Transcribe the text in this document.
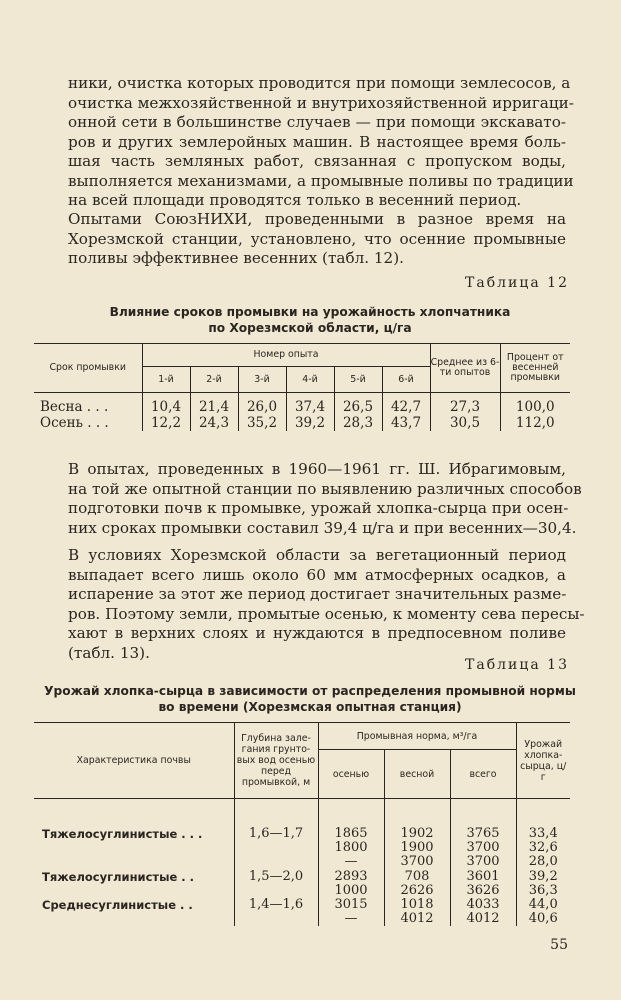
ники, очистка которых проводится при помощи землесосов, а
очистка межхозяйственной и внутрихозяйственной ирригаци-
онной сети в большинстве случаев — при помощи экскавато-
ров и других землеройных машин. В настоящее время боль-
шая часть земляных работ, связанная с пропуском воды,
выполняется механизмами, а промывные поливы по традиции
на всей площади проводятся только в весенний период.

Опытами СоюзНИХИ, проведенными в разное время на
Хорезмской станции, установлено, что осенние промывные
поливы эффективнее весенних (табл. 12).

Таблица 12

Влияние сроков промывки на урожайность хлопчатника
по Хорезмской области, ц/га

Срок промывки	Номер опыта						Среднее из 6-ти опытов	Процент от весенней промывки
	1-й	2-й	3-й	4-й	5-й	6-й		
Весна . . .	10,4	21,4	26,0	37,4	26,5	42,7	27,3	100,0
Осень . . .	12,2	24,3	35,2	39,2	28,3	43,7	30,5	112,0

В опытах, проведенных в 1960—1961 гг. Ш. Ибрагимовым,
на той же опытной станции по выявлению различных способов
подготовки почв к промывке, урожай хлопка-сырца при осен-
них сроках промывки составил 39,4 ц/га и при весенних—30,4.

В условиях Хорезмской области за вегетационный период
выпадает всего лишь около 60 мм атмосферных осадков, а
испарение за этот же период достигает значительных разме-
ров. Поэтому земли, промытые осенью, к моменту сева пересы-
хают в верхних слоях и нуждаются в предпосевном поливе
(табл. 13).

Таблица 13

Урожай хлопка-сырца в зависимости от распределения промывной нормы
во времени (Хорезмская опытная станция)

Характеристика почвы	Глубина зале- гания грунто- вых вод осенью перед промывкой, м	Промывная норма, м³/га			Урожай хлопка- сырца, ц/ г
		осенью	весной	всего	

Тяжелосуглинистые . . .	1,6—1,7	1865	1902	3765	33,4
		1800	1900	3700	32,6
		—	3700	3700	28,0
Тяжелосуглинистые . .	1,5—2,0	2893	708	3601	39,2
		1000	2626	3626	36,3
Среднесуглинистые . .	1,4—1,6	3015	1018	4033	44,0
		—	4012	4012	40,6
55
